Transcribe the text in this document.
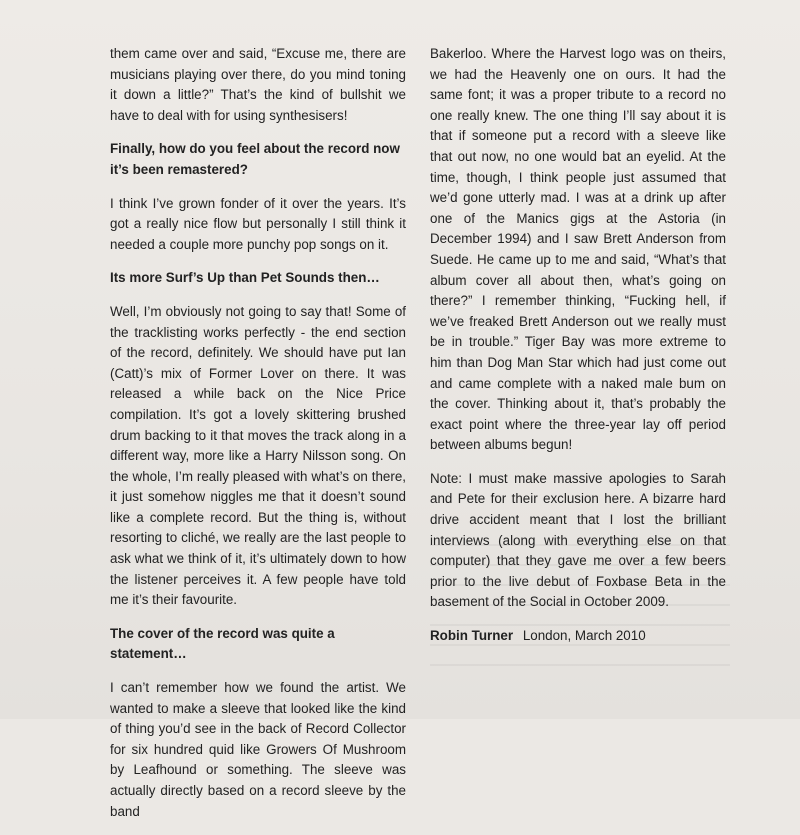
them came over and said, “Excuse me, there are musicians playing over there, do you mind toning it down a little?” That’s the kind of bullshit we have to deal with for using synthesisers!

Finally, how do you feel about the record now it’s been remastered?

I think I’ve grown fonder of it over the years. It’s got a really nice flow but personally I still think it needed a couple more punchy pop songs on it.

Its more Surf’s Up than Pet Sounds then…

Well, I’m obviously not going to say that! Some of the tracklisting works perfectly - the end section of the record, definitely. We should have put Ian (Catt)’s mix of Former Lover on there. It was released a while back on the Nice Price compilation. It’s got a lovely skittering brushed drum backing to it that moves the track along in a different way, more like a Harry Nilsson song. On the whole, I’m really pleased with what’s on there, it just somehow niggles me that it doesn’t sound like a complete record. But the thing is, without resorting to cliché, we really are the last people to ask what we think of it, it’s ultimately down to how the listener perceives it. A few people have told me it’s their favourite.

The cover of the record was quite a statement…

I can’t remember how we found the artist. We wanted to make a sleeve that looked like the kind of thing you’d see in the back of Record Collector for six hundred quid like Growers Of Mushroom by Leafhound or something. The sleeve was actually directly based on a record sleeve by the band

Bakerloo. Where the Harvest logo was on theirs, we had the Heavenly one on ours. It had the same font; it was a proper tribute to a record no one really knew. The one thing I’ll say about it is that if someone put a record with a sleeve like that out now, no one would bat an eyelid. At the time, though, I think people just assumed that we’d gone utterly mad. I was at a drink up after one of the Manics gigs at the Astoria (in December 1994) and I saw Brett Anderson from Suede. He came up to me and said, “What’s that album cover all about then, what’s going on there?” I remember thinking, “Fucking hell, if we’ve freaked Brett Anderson out we really must be in trouble.” Tiger Bay was more extreme to him than Dog Man Star which had just come out and came complete with a naked male bum on the cover. Thinking about it, that’s probably the exact point where the three-year lay off period between albums begun!

Note: I must make massive apologies to Sarah and Pete for their exclusion here. A bizarre hard drive accident meant that I lost the brilliant interviews (along with everything else on that computer) that they gave me over a few beers prior to the live debut of Foxbase Beta in the basement of the Social in October 2009.

Robin Turner London, March 2010
